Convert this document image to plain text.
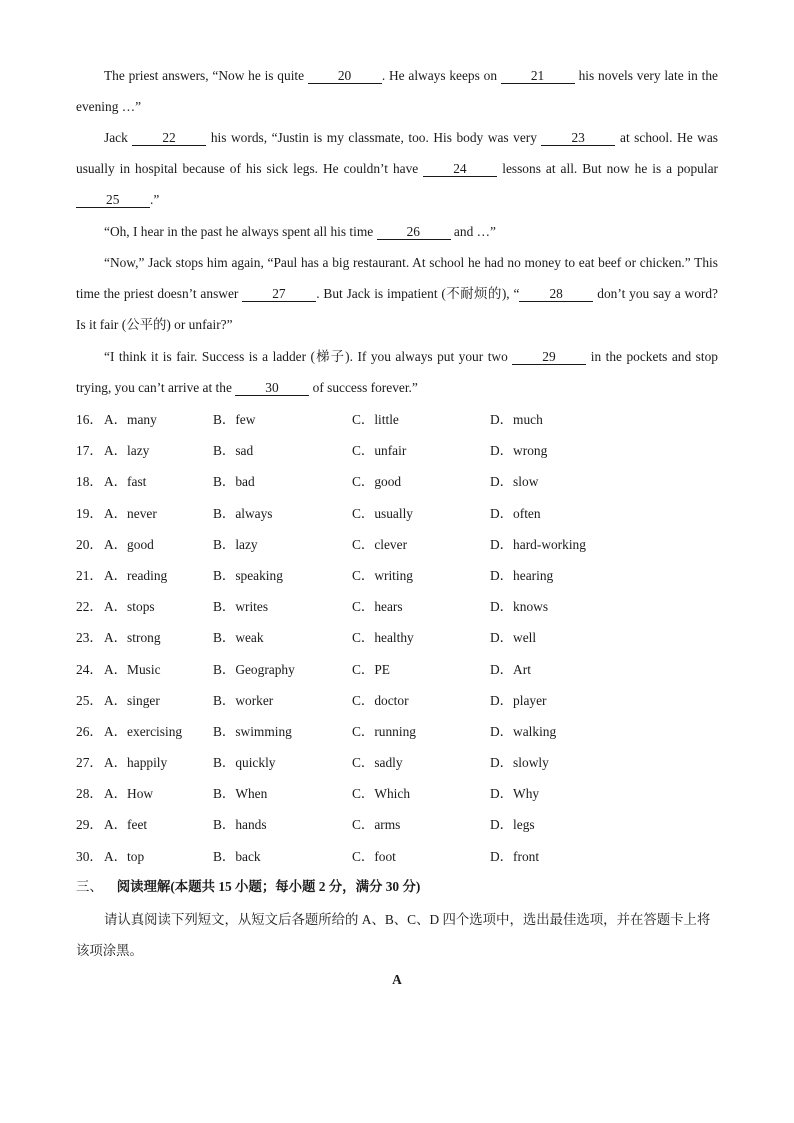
The priest answers, “Now he is quite 20 . He always keeps on 21 his novels very late in the evening …”

Jack 22 his words, “Justin is my classmate, too. His body was very 23 at school. He was usually in hospital because of his sick legs. He couldn’t have 24 lessons at all. But now he is a popular 25 .”

“Oh, I hear in the past he always spent all his time 26 and …”

“Now,” Jack stops him again, “Paul has a big restaurant. At school he had no money to eat beef or chicken.” This time the priest doesn’t answer 27 . But Jack is impatient (不耐烦的), “ 28 don’t you say a word? Is it fair (公平的) or unfair?”

“I think it is fair. Success is a ladder (梯子). If you always put your two 29 in the pockets and stop trying, you can’t arrive at the 30 of success forever.”

16． A．many	B．few	C．little	D．much
17． A．lazy	B．sad	C．unfair	D．wrong
18． A．fast	B．bad	C．good	D．slow
19． A．never	B．always	C．usually	D．often
20． A．good	B．lazy	C．clever	D．hard-working
21． A．reading	B．speaking	C．writing	D．hearing
22． A．stops	B．writes	C．hears	D．knows
23． A．strong	B．weak	C．healthy	D．well
24． A．Music	B．Geography	C．PE	D．Art
25． A．singer	B．worker	C．doctor	D．player
26． A．exercising B．swimming	C．running	D．walking
27． A．happily	B．quickly	C．sadly	D．slowly
28． A．How	B．When	C．Which	D．Why
29． A．feet	B．hands	C．arms	D．legs
30． A．top	B．back	C．foot	D．front

三、 阅读理解(本题共 15 小题；每小题 2 分，满分 30 分)

请认真阅读下列短文，从短文后各题所给的 A、B、C、D 四个选项中，选出最佳选项，并在答题卡上将该项涂黑。

A
